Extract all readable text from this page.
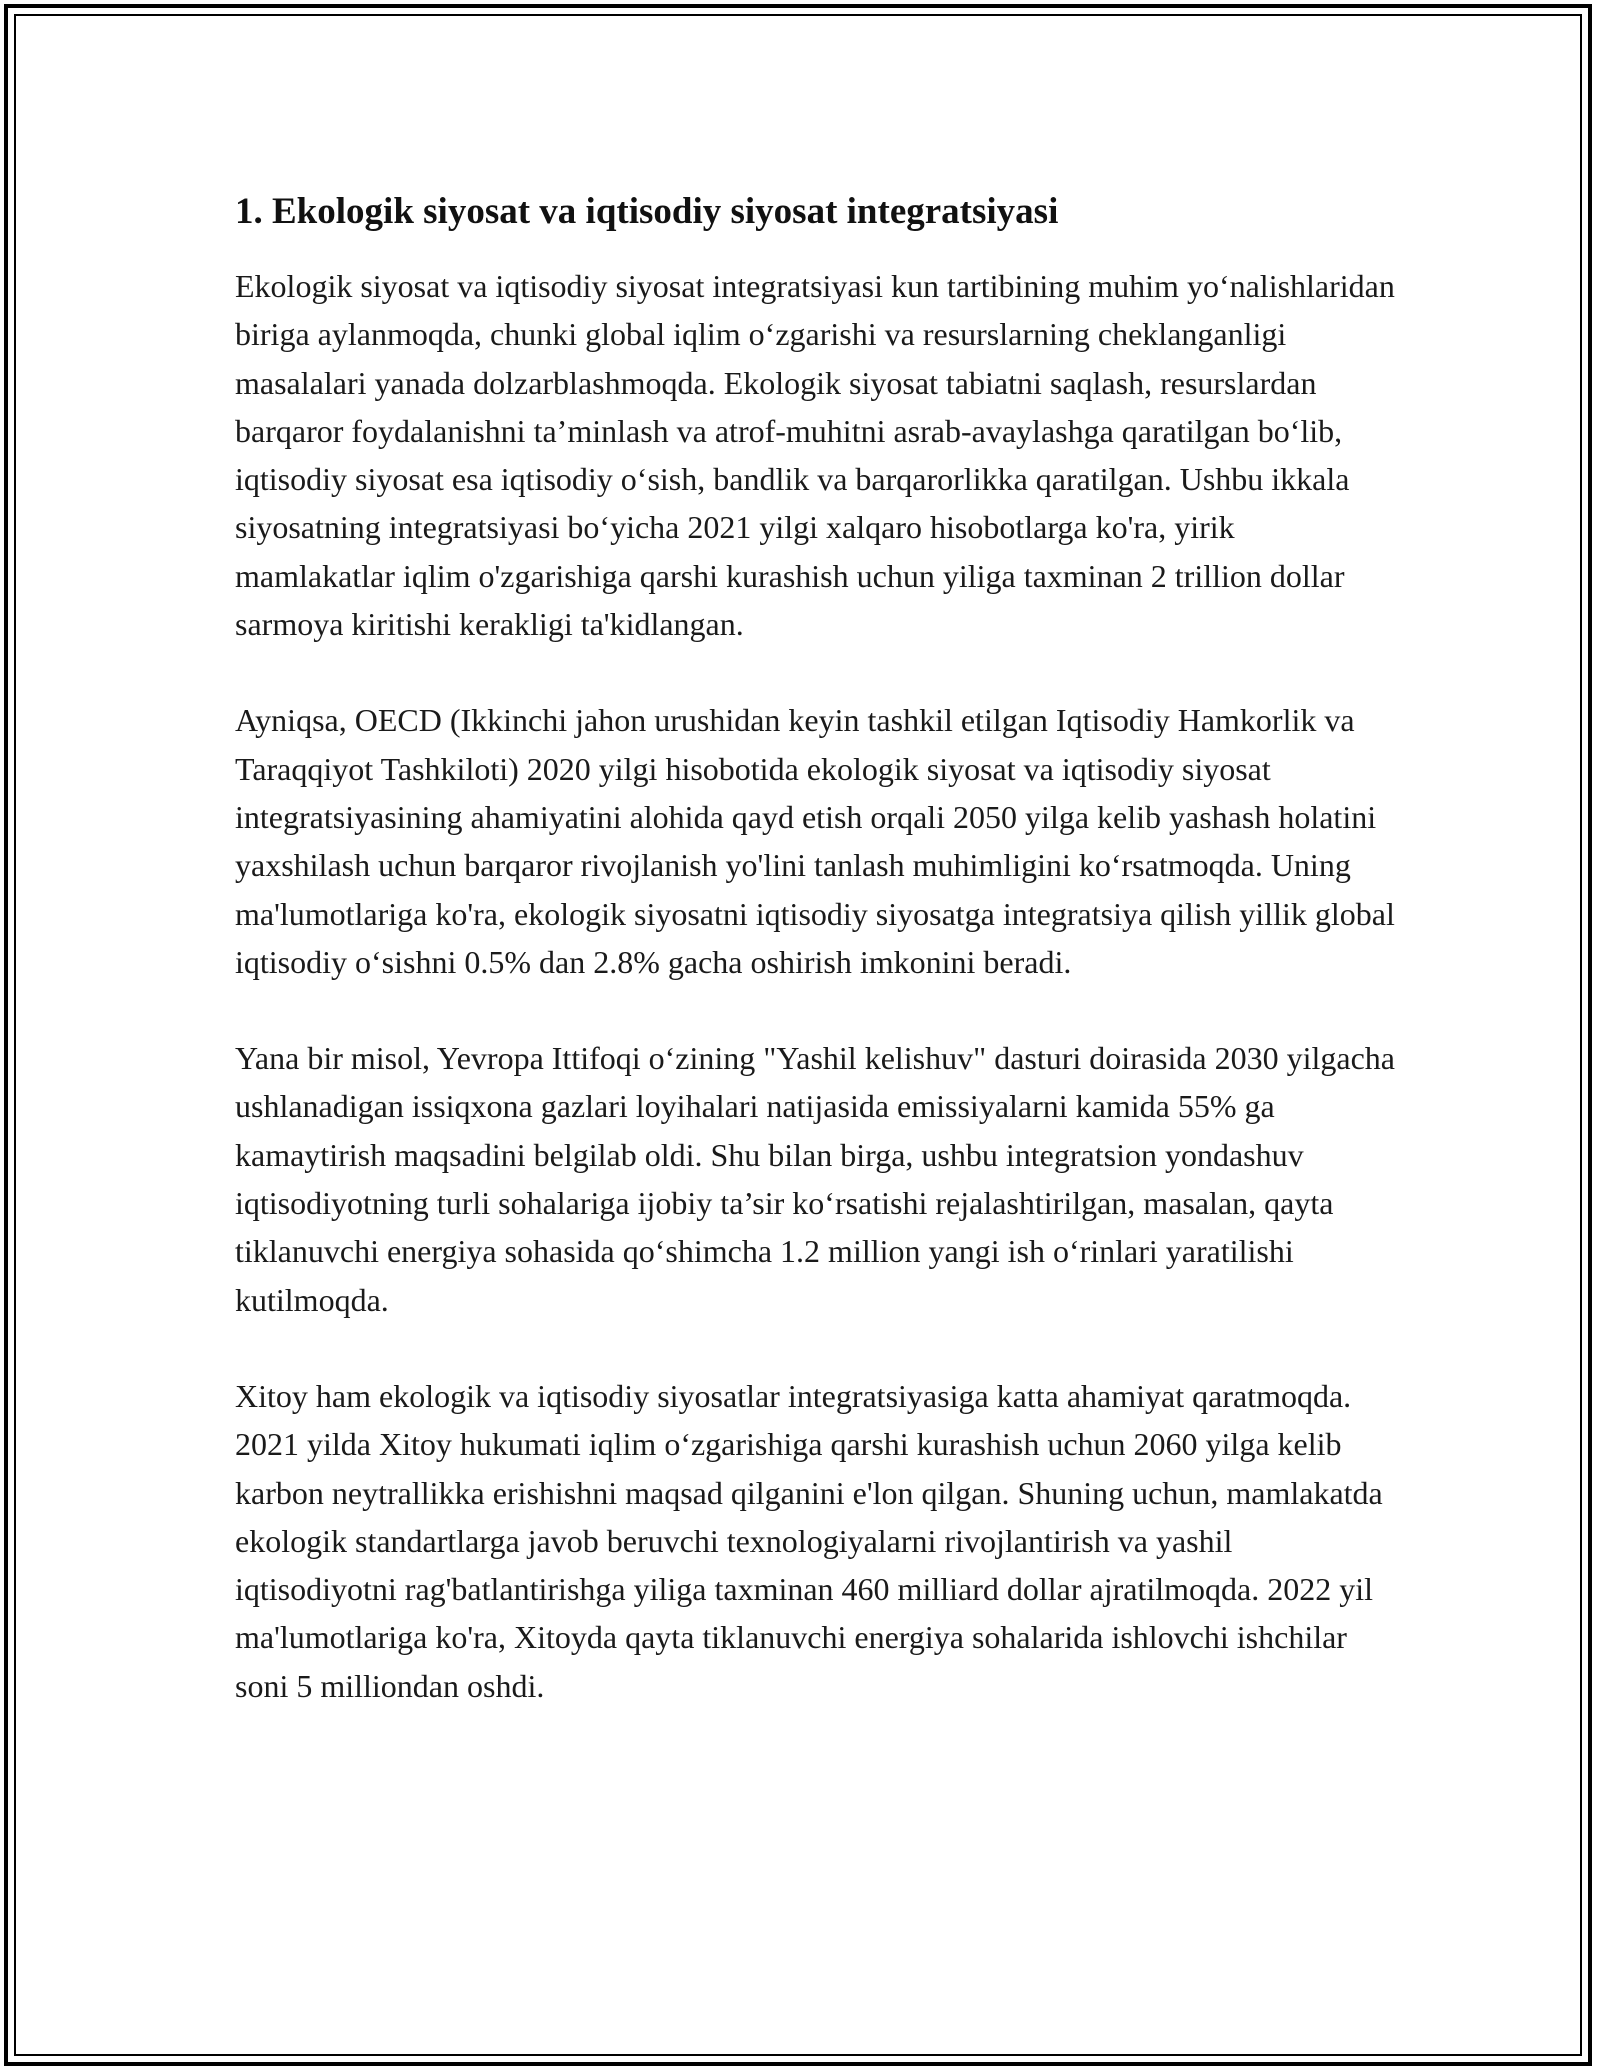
1. Ekologik siyosat va iqtisodiy siyosat integratsiyasi

Ekologik siyosat va iqtisodiy siyosat integratsiyasi kun tartibining muhim yo‘nalishlaridan biriga aylanmoqda, chunki global iqlim o‘zgarishi va resurslarning cheklanganligi masalalari yanada dolzarblashmoqda. Ekologik siyosat tabiatni saqlash, resurslardan barqaror foydalanishni ta’minlash va atrof-muhitni asrab-avaylashga qaratilgan bo‘lib, iqtisodiy siyosat esa iqtisodiy o‘sish, bandlik va barqarorlikka qaratilgan. Ushbu ikkala siyosatning integratsiyasi bo‘yicha 2021 yilgi xalqaro hisobotlarga ko'ra, yirik mamlakatlar iqlim o'zgarishiga qarshi kurashish uchun yiliga taxminan 2 trillion dollar sarmoya kiritishi kerakligi ta'kidlangan.

Ayniqsa, OECD (Ikkinchi jahon urushidan keyin tashkil etilgan Iqtisodiy Hamkorlik va Taraqqiyot Tashkiloti) 2020 yilgi hisobotida ekologik siyosat va iqtisodiy siyosat integratsiyasining ahamiyatini alohida qayd etish orqali 2050 yilga kelib yashash holatini yaxshilash uchun barqaror rivojlanish yo'lini tanlash muhimligini ko‘rsatmoqda. Uning ma'lumotlariga ko'ra, ekologik siyosatni iqtisodiy siyosatga integratsiya qilish yillik global iqtisodiy o‘sishni 0.5% dan 2.8% gacha oshirish imkonini beradi.

Yana bir misol, Yevropa Ittifoqi o‘zining "Yashil kelishuv" dasturi doirasida 2030 yilgacha ushlanadigan issiqxona gazlari loyihalari natijasida emissiyalarni kamida 55% ga kamaytirish maqsadini belgilab oldi. Shu bilan birga, ushbu integratsion yondashuv iqtisodiyotning turli sohalariga ijobiy ta’sir ko‘rsatishi rejalashtirilgan, masalan, qayta tiklanuvchi energiya sohasida qo‘shimcha 1.2 million yangi ish o‘rinlari yaratilishi kutilmoqda.

Xitoy ham ekologik va iqtisodiy siyosatlar integratsiyasiga katta ahamiyat qaratmoqda. 2021 yilda Xitoy hukumati iqlim o‘zgarishiga qarshi kurashish uchun 2060 yilga kelib karbon neytrallikka erishishni maqsad qilganini e'lon qilgan. Shuning uchun, mamlakatda ekologik standartlarga javob beruvchi texnologiyalarni rivojlantirish va yashil iqtisodiyotni rag'batlantirishga yiliga taxminan 460 milliard dollar ajratilmoqda. 2022 yil ma'lumotlariga ko'ra, Xitoyda qayta tiklanuvchi energiya sohalarida ishlovchi ishchilar soni 5 milliondan oshdi.
